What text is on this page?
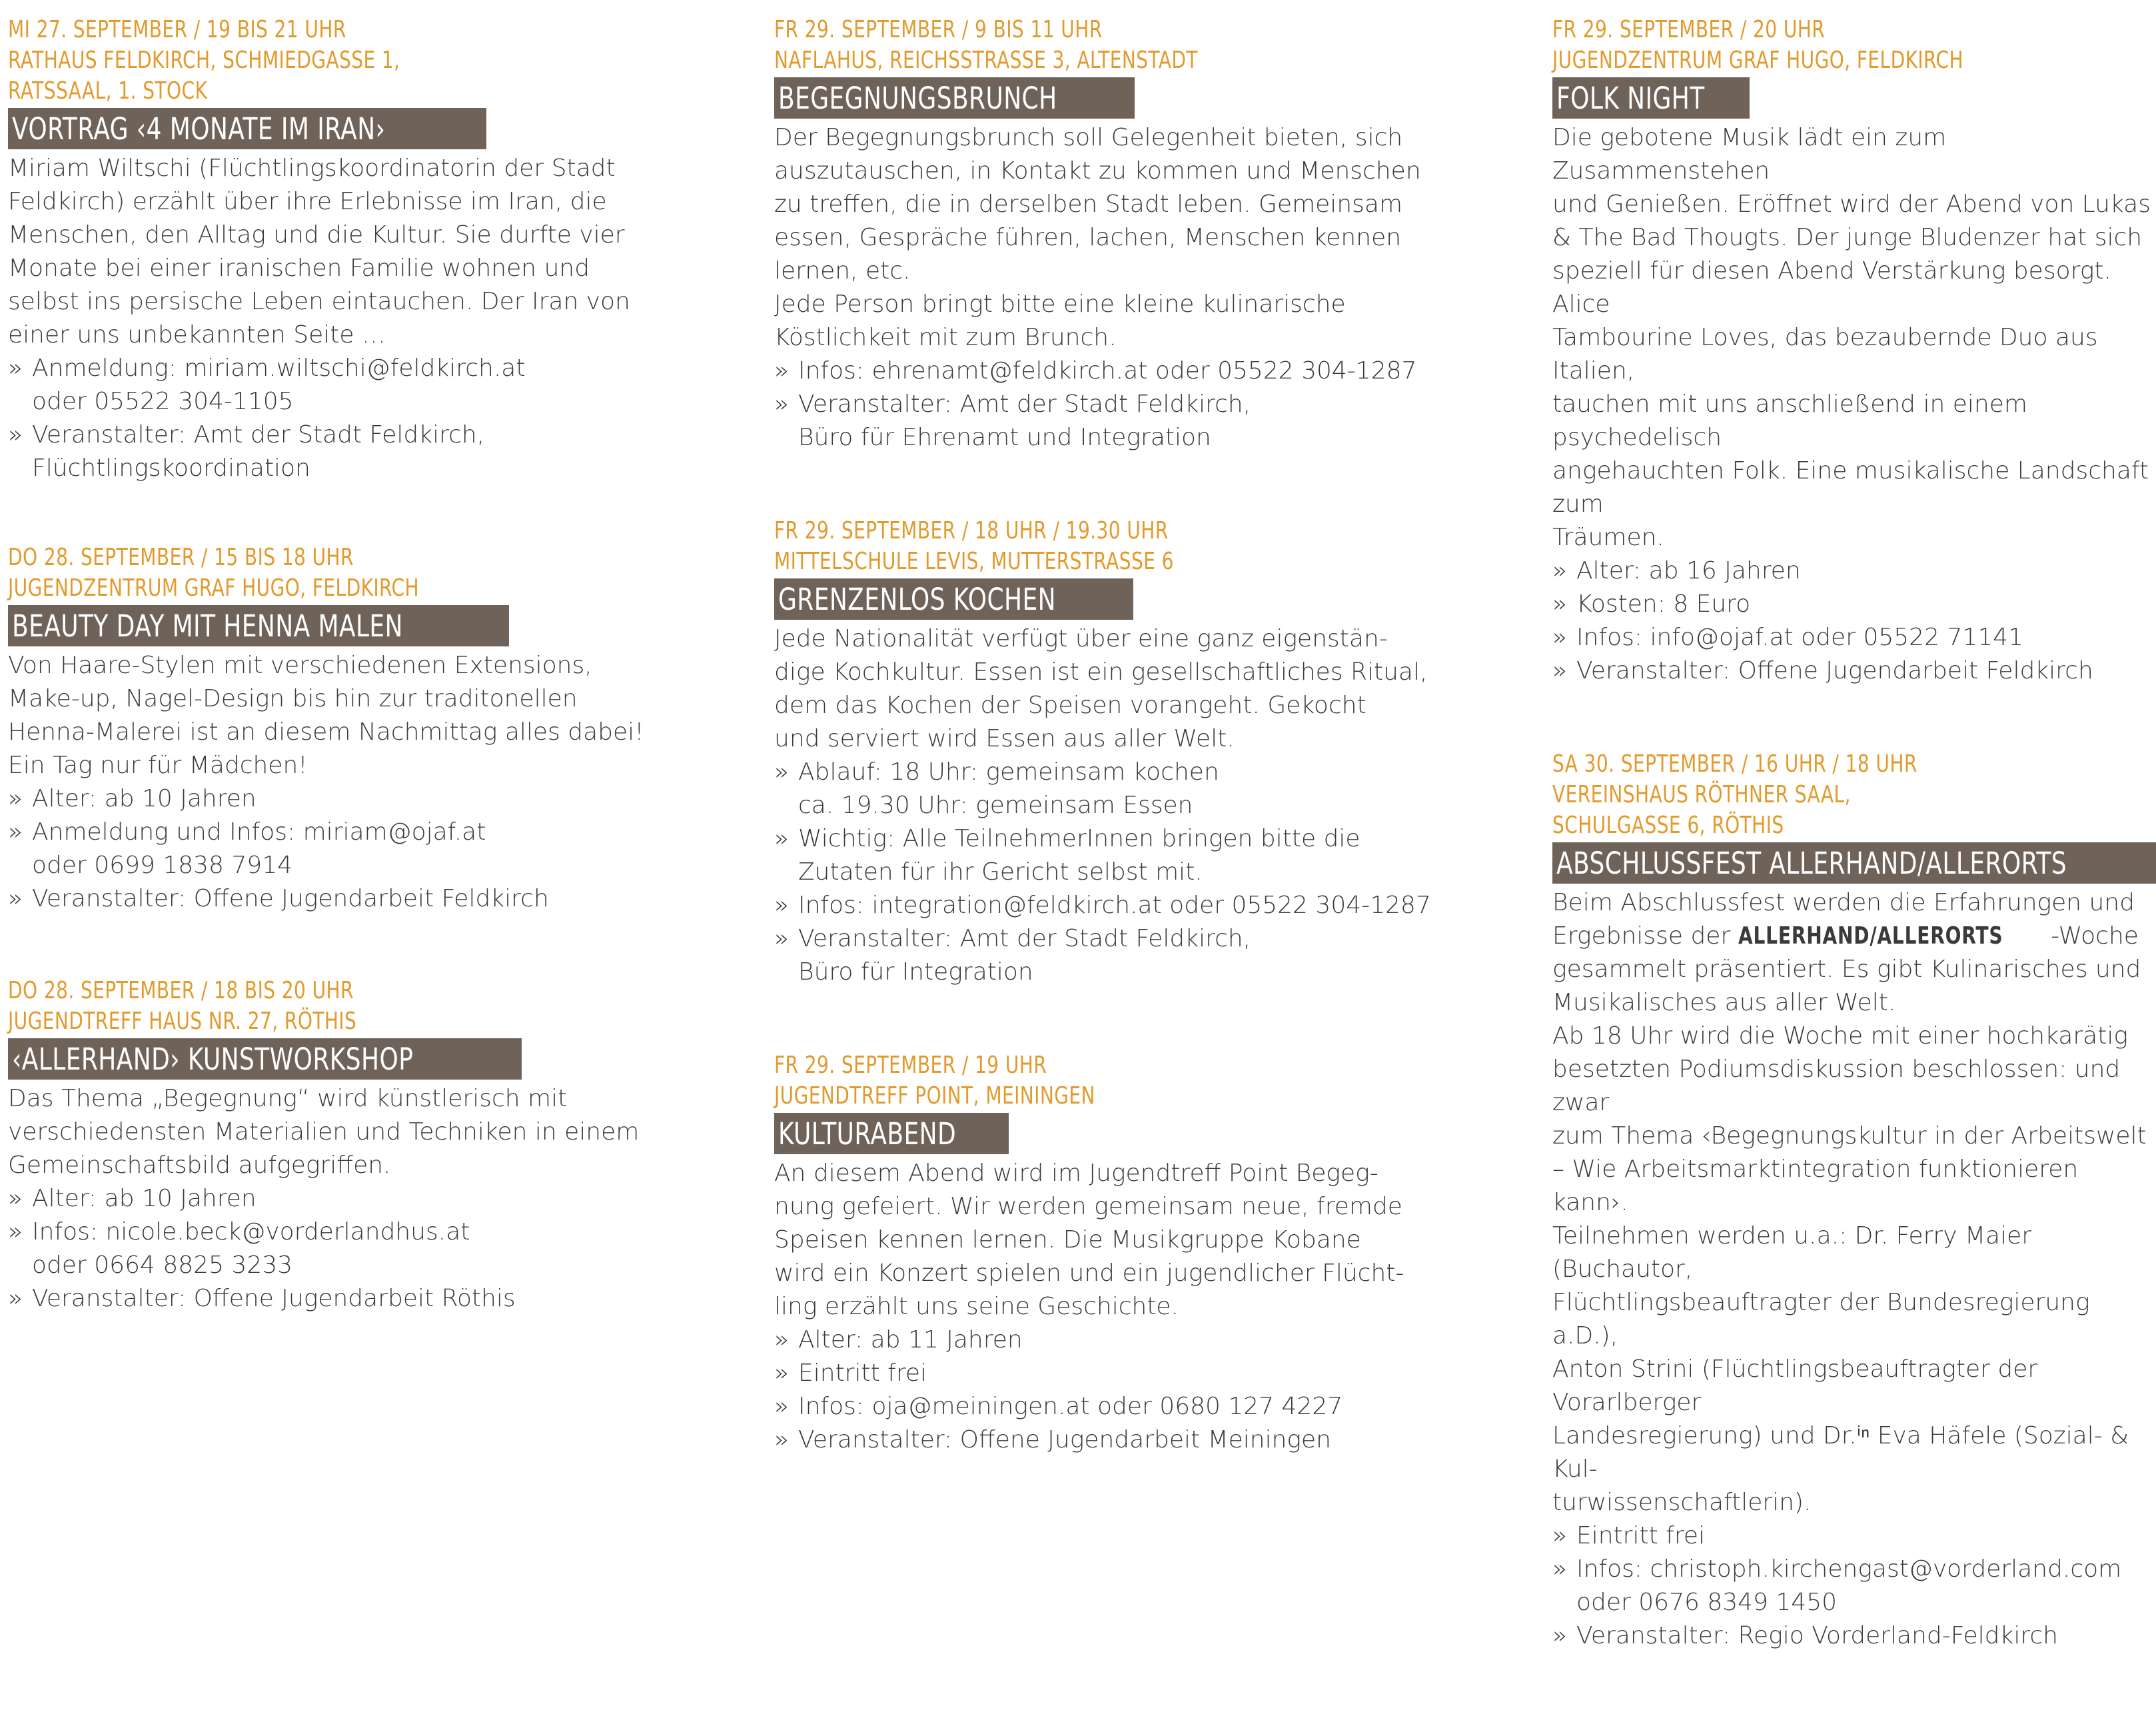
MI 27. SEPTEMBER / 19 BIS 21 UHR
RATHAUS FELDKIRCH, SCHMIEDGASSE 1,
RATSSAAL, 1. STOCK
VORTRAG ‹4 MONATE IM IRAN›

Miriam Wiltschi (Flüchtlingskoordinatorin der Stadt
Feldkirch) erzählt über ihre Erlebnisse im Iran, die
Menschen, den Alltag und die Kultur. Sie durfte vier
Monate bei einer iranischen Familie wohnen und
selbst ins persische Leben eintauchen. Der Iran von
einer uns unbekannten Seite …

» Anmeldung: miriam.wiltschi@feldkirch.at
oder 05522 304-1105
» Veranstalter: Amt der Stadt Feldkirch,
Flüchtlingskoordination
DO 28. SEPTEMBER / 15 BIS 18 UHR
JUGENDZENTRUM GRAF HUGO, FELDKIRCH
BEAUTY DAY MIT HENNA MALEN

Von Haare-Stylen mit verschiedenen Extensions,
Make-up, Nagel-Design bis hin zur traditonellen
Henna-Malerei ist an diesem Nachmittag alles dabei!
Ein Tag nur für Mädchen!

» Alter: ab 10 Jahren
» Anmeldung und Infos: miriam@ojaf.at
oder 0699 1838 7914
» Veranstalter: Offene Jugendarbeit Feldkirch
DO 28. SEPTEMBER / 18 BIS 20 UHR
JUGENDTREFF HAUS NR. 27, RÖTHIS
‹ALLERHAND› KUNSTWORKSHOP

Das Thema „Begegnung“ wird künstlerisch mit
verschiedensten Materialien und Techniken in einem
Gemeinschaftsbild aufgegriffen.

» Alter: ab 10 Jahren
» Infos: nicole.beck@vorderlandhus.at
oder 0664 8825 3233
» Veranstalter: Offene Jugendarbeit Röthis
FR 29. SEPTEMBER / 9 BIS 11 UHR
NAFLAHUS, REICHSSTRASSE 3, ALTENSTADT
BEGEGNUNGSBRUNCH

Der Begegnungsbrunch soll Gelegenheit bieten, sich
auszutauschen, in Kontakt zu kommen und Menschen
zu treffen, die in derselben Stadt leben. Gemeinsam
essen, Gespräche führen, lachen, Menschen kennen
lernen, etc.
Jede Person bringt bitte eine kleine kulinarische
Köstlichkeit mit zum Brunch.

» Infos: ehrenamt@feldkirch.at oder 05522 304-1287
» Veranstalter: Amt der Stadt Feldkirch,
Büro für Ehrenamt und Integration
FR 29. SEPTEMBER / 18 UHR / 19.30 UHR
MITTELSCHULE LEVIS, MUTTERSTRASSE 6
GRENZENLOS KOCHEN

Jede Nationalität verfügt über eine ganz eigenstän-
dige Kochkultur. Essen ist ein gesellschaftliches Ritual,
dem das Kochen der Speisen vorangeht. Gekocht
und serviert wird Essen aus aller Welt.

» Ablauf: 18 Uhr: gemeinsam kochen
ca. 19.30 Uhr: gemeinsam Essen
» Wichtig: Alle TeilnehmerInnen bringen bitte die
Zutaten für ihr Gericht selbst mit.
» Infos: integration@feldkirch.at oder 05522 304-1287
» Veranstalter: Amt der Stadt Feldkirch,
Büro für Integration
FR 29. SEPTEMBER / 19 UHR
JUGENDTREFF POINT, MEININGEN
KULTURABEND

An diesem Abend wird im Jugendtreff Point Begeg-
nung gefeiert. Wir werden gemeinsam neue, fremde
Speisen kennen lernen. Die Musikgruppe Kobane
wird ein Konzert spielen und ein jugendlicher Flücht-
ling erzählt uns seine Geschichte.

» Alter: ab 11 Jahren
» Eintritt frei
» Infos: oja@meiningen.at oder 0680 127 4227
» Veranstalter: Offene Jugendarbeit Meiningen
FR 29. SEPTEMBER / 20 UHR
JUGENDZENTRUM GRAF HUGO, FELDKIRCH
FOLK NIGHT

Die gebotene Musik lädt ein zum Zusammenstehen
und Genießen. Eröffnet wird der Abend von Lukas
& The Bad Thougts. Der junge Bludenzer hat sich
speziell für diesen Abend Verstärkung besorgt. Alice
Tambourine Loves, das bezaubernde Duo aus Italien,
tauchen mit uns anschließend in einem psychedelisch
angehauchten Folk. Eine musikalische Landschaft zum
Träumen.

» Alter: ab 16 Jahren
» Kosten: 8 Euro
» Infos: info@ojaf.at oder 05522 71141
» Veranstalter: Offene Jugendarbeit Feldkirch
SA 30. SEPTEMBER / 16 UHR / 18 UHR
VEREINSHAUS RÖTHNER SAAL,
SCHULGASSE 6, RÖTHIS
ABSCHLUSSFEST ALLERHAND/ALLERORTS

Beim Abschlussfest werden die Erfahrungen und
Ergebnisse der ALLERHAND/ALLERORTS -Woche
gesammelt präsentiert. Es gibt Kulinarisches und
Musikalisches aus aller Welt.
Ab 18 Uhr wird die Woche mit einer hochkarätig
besetzten Podiumsdiskussion beschlossen: und zwar
zum Thema ‹Begegnungskultur in der Arbeitswelt
– Wie Arbeitsmarktintegration funktionieren kann›.
Teilnehmen werden u.a.: Dr. Ferry Maier (Buchautor,
Flüchtlingsbeauftragter der Bundesregierung a.D.),
Anton Strini (Flüchtlingsbeauftragter der Vorarlberger
Landesregierung) und Dr.ⁱⁿ Eva Häfele (Sozial- & Kul-
turwissenschaftlerin).

» Eintritt frei
» Infos: christoph.kirchengast@vorderland.com
oder 0676 8349 1450
» Veranstalter: Regio Vorderland-Feldkirch
